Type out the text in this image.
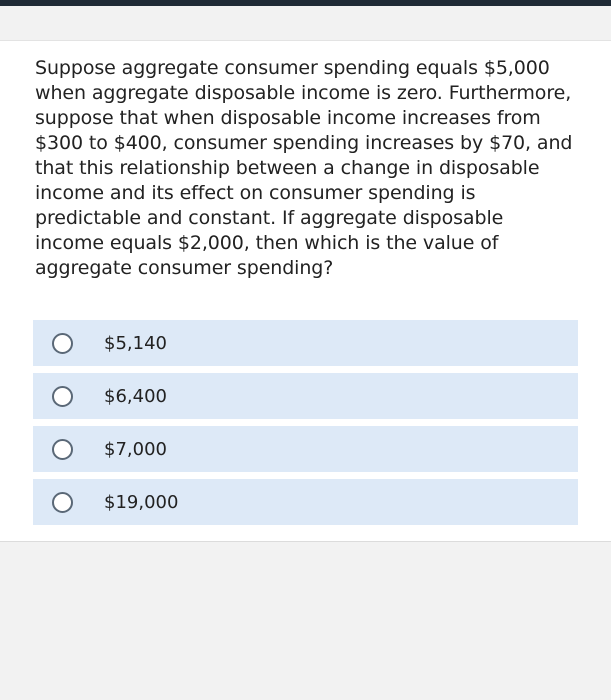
Suppose aggregate consumer spending equals $5,000 when aggregate disposable income is zero. Furthermore, suppose that when disposable income increases from $300 to $400, consumer spending increases by $70, and that this relationship between a change in disposable income and its effect on consumer spending is predictable and constant. If aggregate disposable income equals $2,000, then which is the value of aggregate consumer spending?

$5,140
$6,400
$7,000
$19,000
